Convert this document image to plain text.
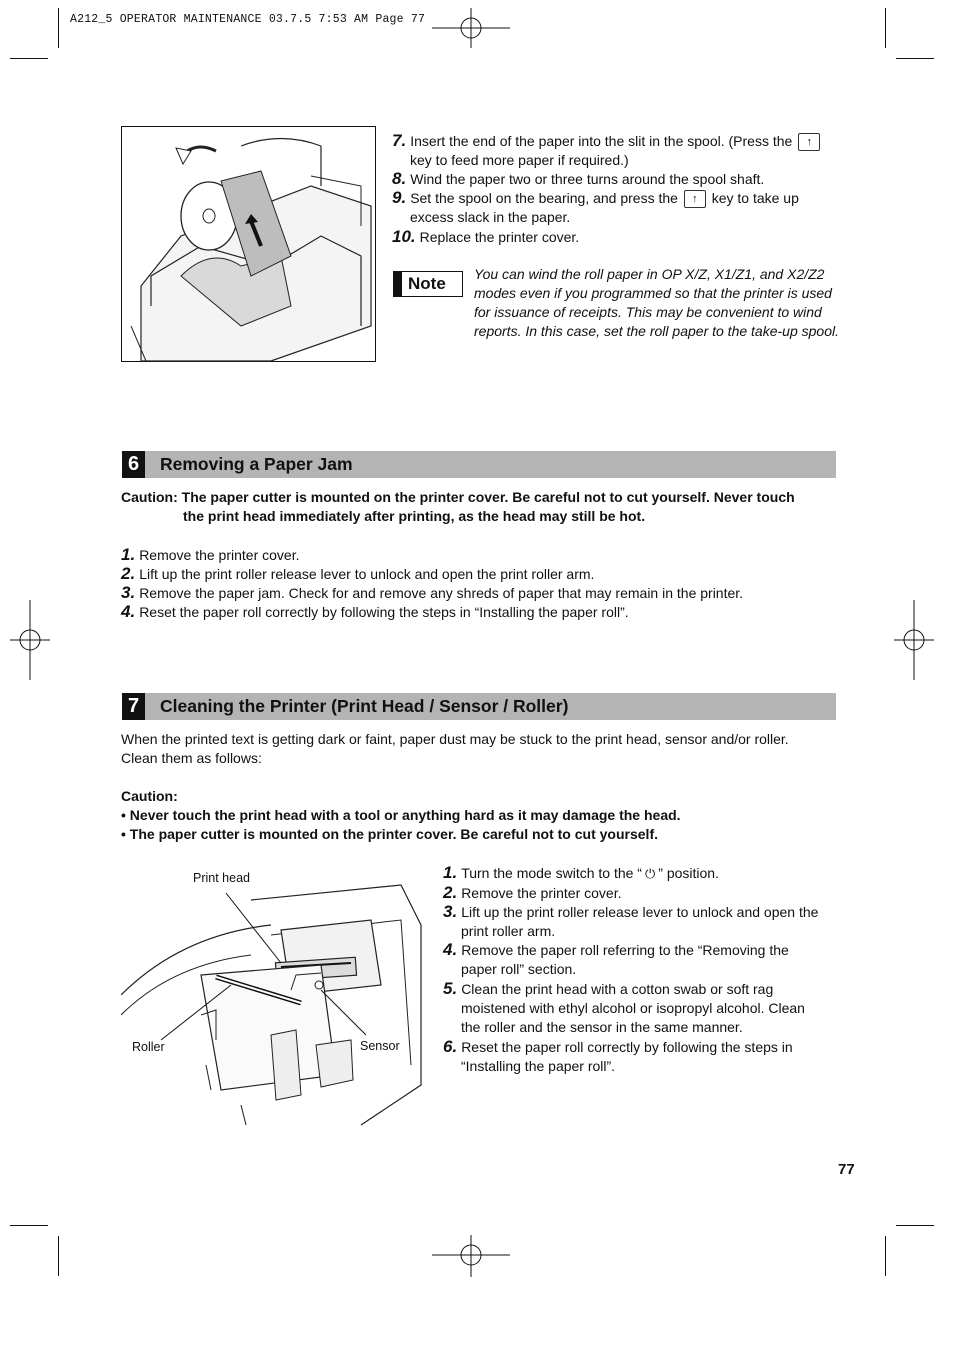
A212_5 OPERATOR MAINTENANCE 03.7.5 7:53 AM Page 77
7. Insert the end of the paper into the slit in the spool. (Press the ↑
key to feed more paper if required.)
8. Wind the paper two or three turns around the spool shaft.
9. Set the spool on the bearing, and press the ↑ key to take up
excess slack in the paper.
10. Replace the printer cover.
Note You can wind the roll paper in OP X/Z, X1/Z1, and X2/Z2 modes even if you programmed so that the printer is used for issuance of receipts. This may be convenient to wind reports. In this case, set the roll paper to the take-up spool.
6	Removing a Paper Jam
Caution: The paper cutter is mounted on the printer cover. Be careful not to cut yourself. Never touch
the print head immediately after printing, as the head may still be hot.
1. Remove the printer cover.
2. Lift up the print roller release lever to unlock and open the print roller arm.
3. Remove the paper jam. Check for and remove any shreds of paper that may remain in the printer.
4. Reset the paper roll correctly by following the steps in “Installing the paper roll”.
7	Cleaning the Printer (Print Head / Sensor / Roller)
When the printed text is getting dark or faint, paper dust may be stuck to the print head, sensor and/or roller.
Clean them as follows:
Caution:
• Never touch the print head with a tool or anything hard as it may damage the head.
• The paper cutter is mounted on the printer cover. Be careful not to cut yourself.
Print head
Roller	Sensor
1. Turn the mode switch to the “ ⏻ ” position.
2. Remove the printer cover.
3. Lift up the print roller release lever to unlock and open the
print roller arm.
4. Remove the paper roll referring to the “Removing the
paper roll” section.
5. Clean the print head with a cotton swab or soft rag
moistened with ethyl alcohol or isopropyl alcohol. Clean
the roller and the sensor in the same manner.
6. Reset the paper roll correctly by following the steps in
“Installing the paper roll”.
77
